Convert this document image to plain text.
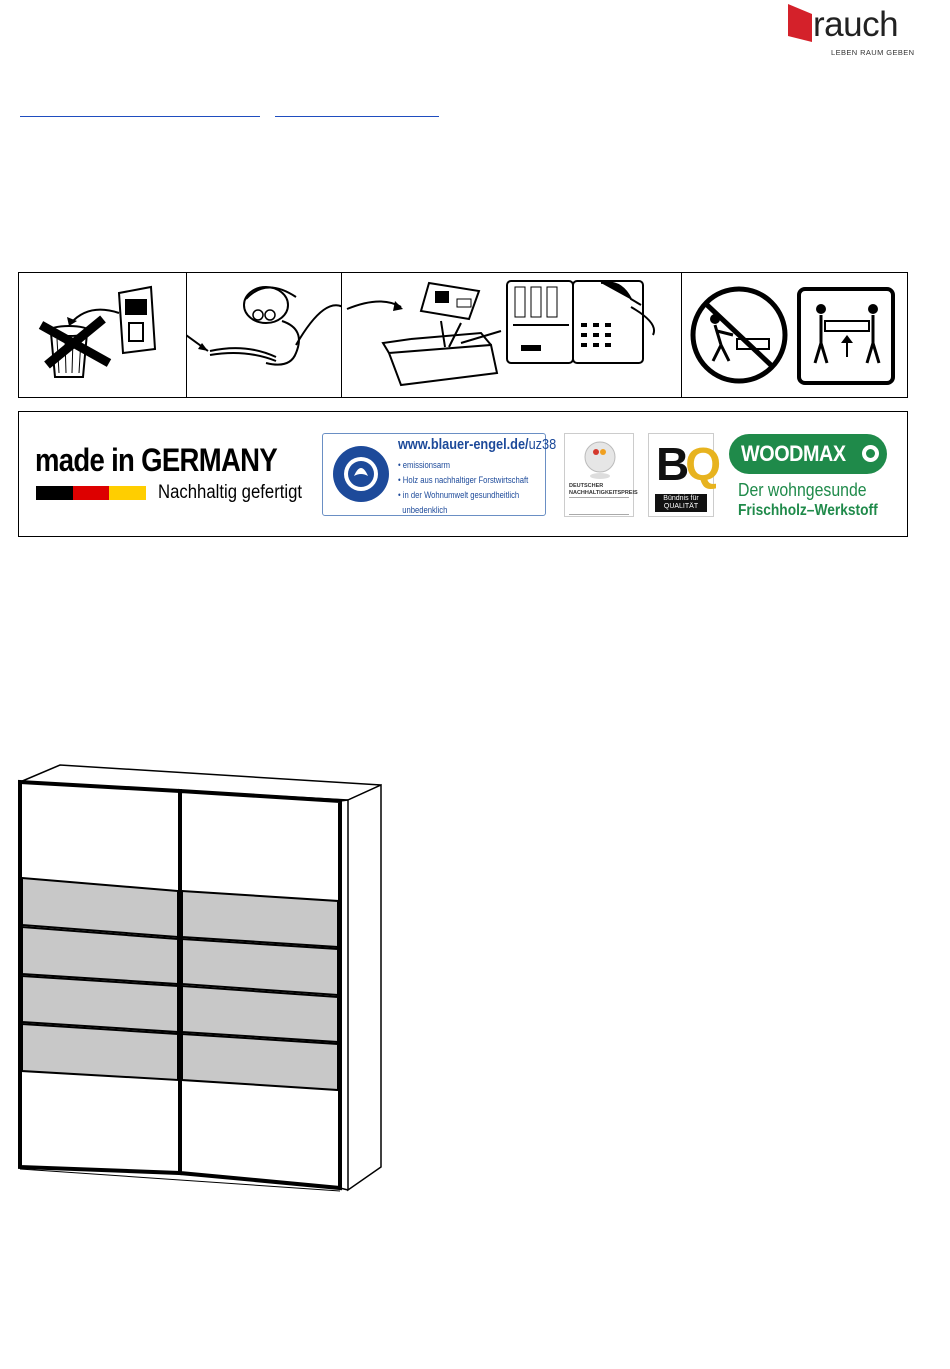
rauch
LEBEN RAUM GEBEN
made in GERMANY
Nachhaltig gefertigt
www.blauer-engel.de/uz38
• emissionsarm
• Holz aus nachhaltiger Forstwirtschaft
• in der Wohnumwelt gesundheitlich
unbedenklich
DEUTSCHER
NACHHALTIGKEITSPREIS
BQ
Bündnis für
QUALITÄT
WOODMAX
Der wohngesunde
Frischholz–Werkstoff
